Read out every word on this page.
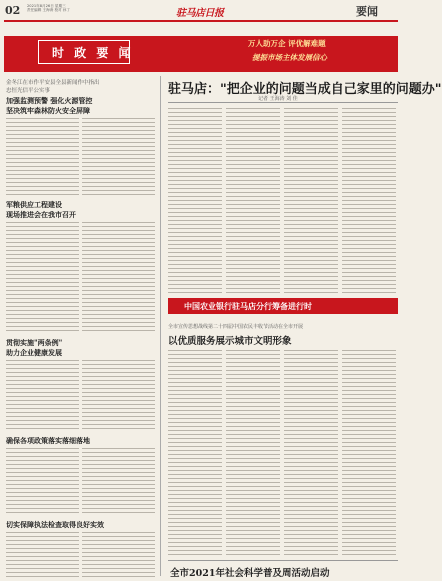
02 2021年8月26日 星期三
责任编辑 王海涛 校对 孙丁	驻马店日报	要闻
时 政 要 闻
万人助万企 评优解难题
提振市场主体发展信心
金冬江在市作平安县全县新闻作中指出
忠恒光信平公实事
加强监测预警 强化火源管控
坚决筑牢森林防火安全屏障
军粮供应工程建设
现场推进会在我市召开
贯彻实施"两条例"
助力企业健康发展
确保各项政策落实落细落地
切实保障执法检查取得良好实效
驻马店："把企业的问题当成自己家里的问题办"
记者 王海涛 刘 佳
中国农业银行驻马店分行筹备进行时
全市宣传思想战线第二十四届中国农民丰收节活动在全市开展
以优质服务展示城市文明形象
全市2021年社会科学普及周活动启动
